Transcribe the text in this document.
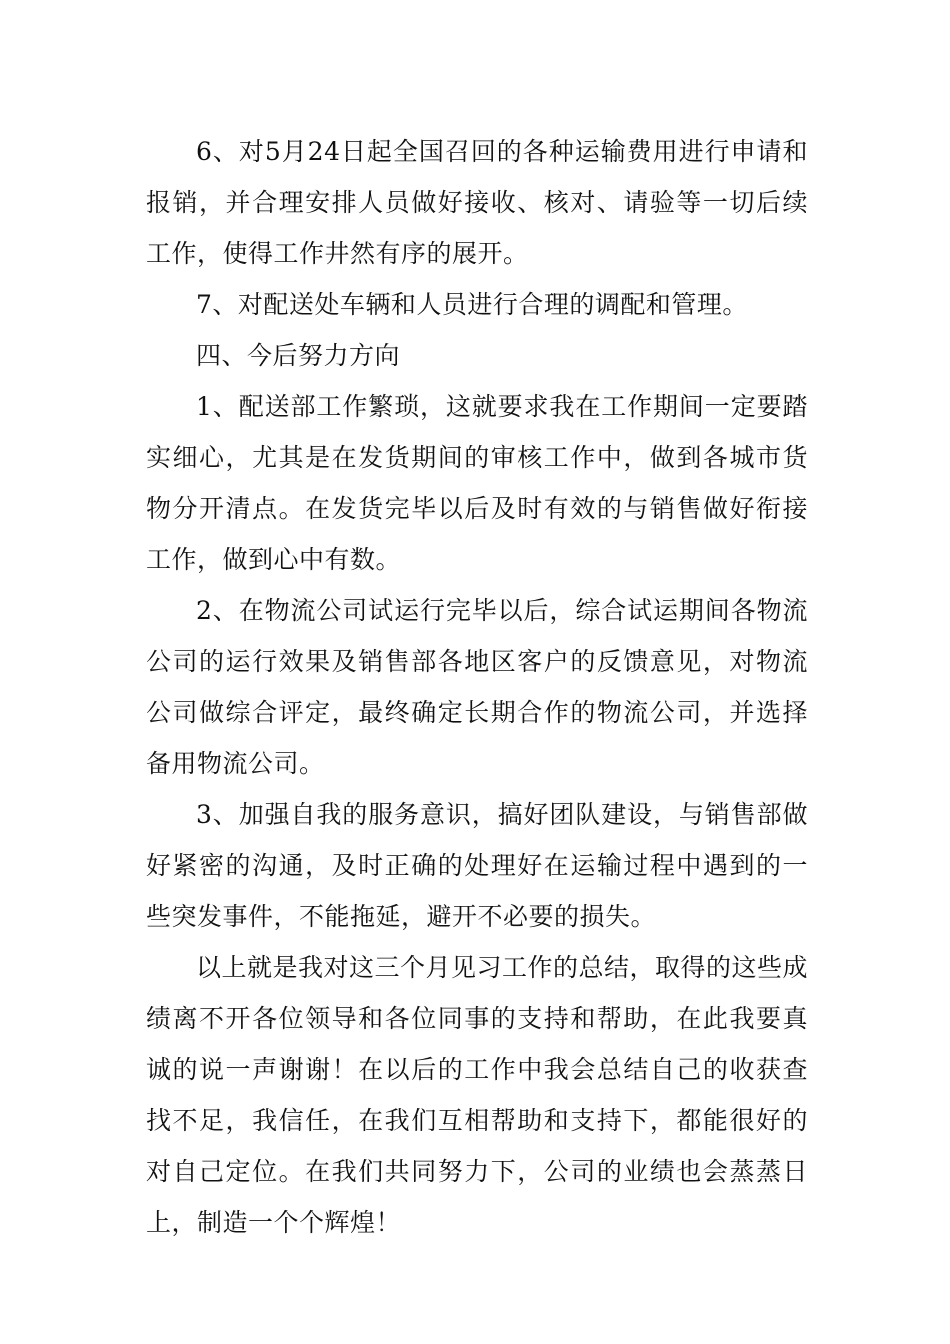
6、对5月24日起全国召回的各种运输费用进行申请和报销，并合理安排人员做好接收、核对、请验等一切后续工作，使得工作井然有序的展开。

7、对配送处车辆和人员进行合理的调配和管理。

四、今后努力方向

1、配送部工作繁琐，这就要求我在工作期间一定要踏实细心，尤其是在发货期间的审核工作中，做到各城市货物分开清点。在发货完毕以后及时有效的与销售做好衔接工作，做到心中有数。

2、在物流公司试运行完毕以后，综合试运期间各物流公司的运行效果及销售部各地区客户的反馈意见，对物流公司做综合评定，最终确定长期合作的物流公司，并选择备用物流公司。

3、加强自我的服务意识，搞好团队建设，与销售部做好紧密的沟通，及时正确的处理好在运输过程中遇到的一些突发事件，不能拖延，避开不必要的损失。

以上就是我对这三个月见习工作的总结，取得的这些成绩离不开各位领导和各位同事的支持和帮助，在此我要真诚的说一声谢谢！在以后的工作中我会总结自己的收获查找不足，我信任，在我们互相帮助和支持下，都能很好的对自己定位。在我们共同努力下，公司的业绩也会蒸蒸日上，制造一个个辉煌！
